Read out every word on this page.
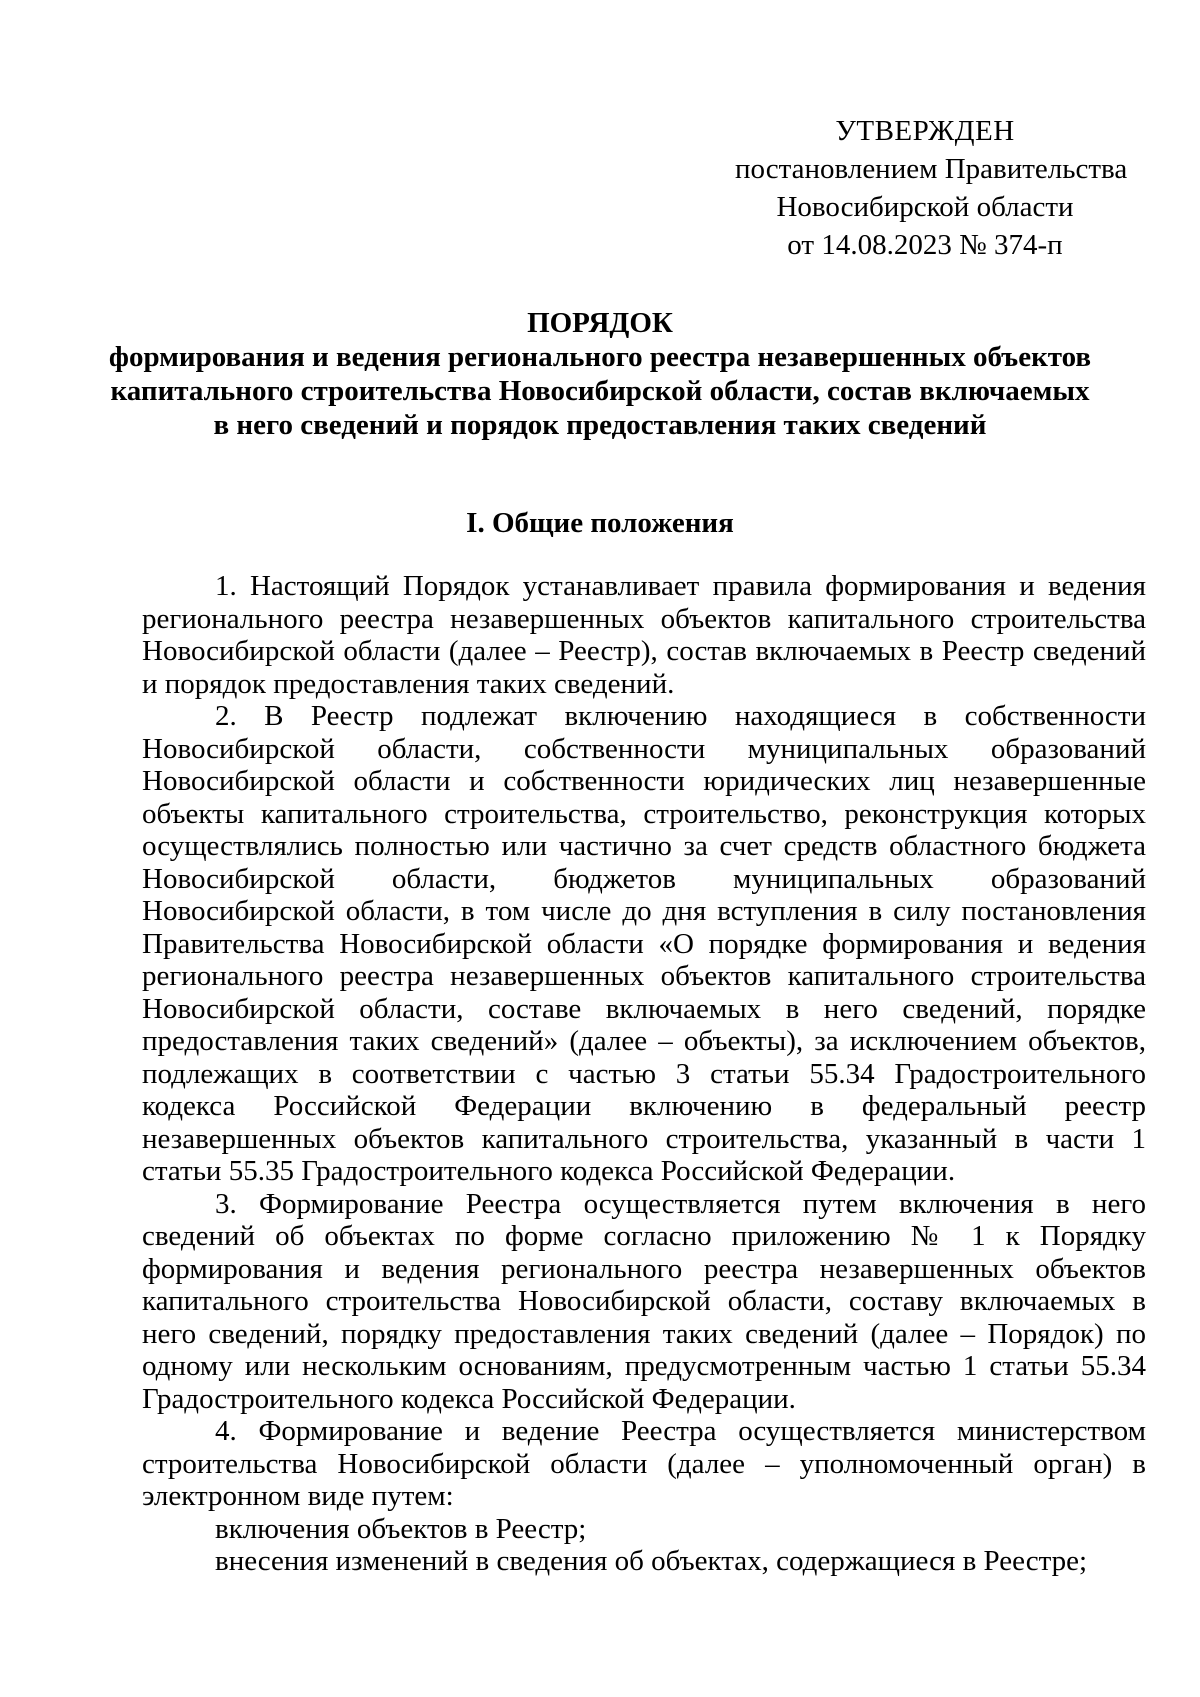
УТВЕРЖДЕН
постановлением Правительства
Новосибирской области
от 14.08.2023 № 374-п
ПОРЯДОК
формирования и ведения регионального реестра незавершенных объектов
капитального строительства Новосибирской области, состав включаемых
в него сведений и порядок предоставления таких сведений
I. Общие положения

1. Настоящий Порядок устанавливает правила формирования и ведения регионального реестра незавершенных объектов капитального строительства Новосибирской области (далее – Реестр), состав включаемых в Реестр сведений и порядок предоставления таких сведений.

2. В Реестр подлежат включению находящиеся в собственности Новосибирской области, собственности муниципальных образований Новосибирской области и собственности юридических лиц незавершенные объекты капитального строительства, строительство, реконструкция которых осуществлялись полностью или частично за счет средств областного бюджета Новосибирской области, бюджетов муниципальных образований Новосибирской области, в том числе до дня вступления в силу постановления Правительства Новосибирской области «О порядке формирования и ведения регионального реестра незавершенных объектов капитального строительства Новосибирской области, составе включаемых в него сведений, порядке предоставления таких сведений» (далее – объекты), за исключением объектов, подлежащих в соответствии с частью 3 статьи 55.34 Градостроительного кодекса Российской Федерации включению в федеральный реестр незавершенных объектов капитального строительства, указанный в части 1 статьи 55.35 Градостроительного кодекса Российской Федерации.

3. Формирование Реестра осуществляется путем включения в него сведений об объектах по форме согласно приложению № 1 к Порядку формирования и ведения регионального реестра незавершенных объектов капитального строительства Новосибирской области, составу включаемых в него сведений, порядку предоставления таких сведений (далее – Порядок) по одному или нескольким основаниям, предусмотренным частью 1 статьи 55.34 Градостроительного кодекса Российской Федерации.

4. Формирование и ведение Реестра осуществляется министерством строительства Новосибирской области (далее – уполномоченный орган) в электронном виде путем:

включения объектов в Реестр;

внесения изменений в сведения об объектах, содержащиеся в Реестре;
